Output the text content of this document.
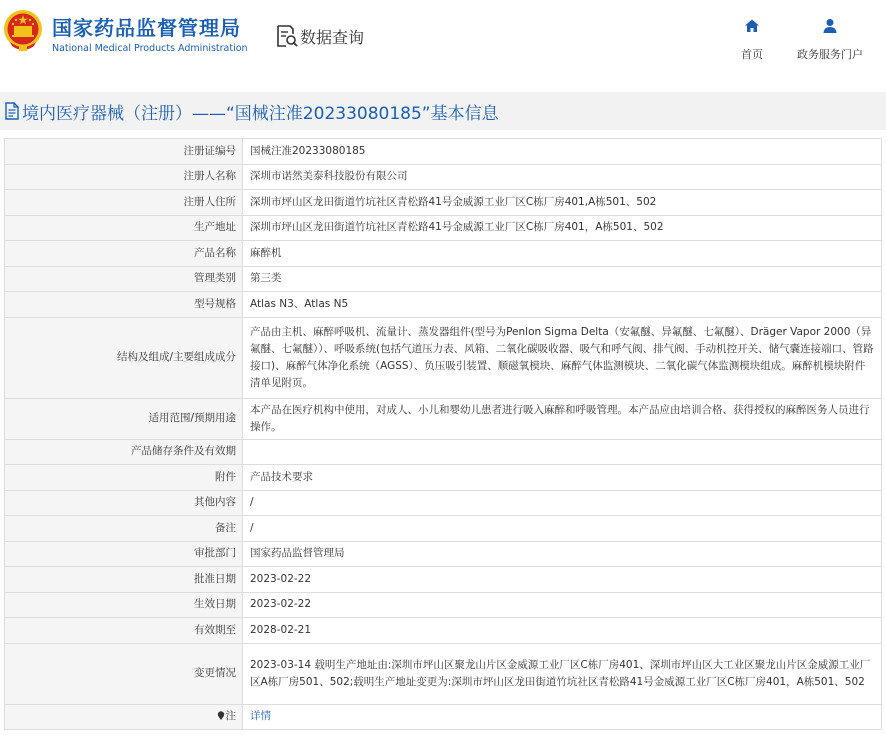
国家药品监督管理局
National Medical Products Administration
数据查询
首页	政务服务门户
境内医疗器械（注册）——“国械注准20233080185”基本信息
注册证编号	国械注准20233080185
注册人名称	深圳市诺然美泰科技股份有限公司
注册人住所	深圳市坪山区龙田街道竹坑社区青松路41号金威源工业厂区C栋厂房401,A栋501、502
生产地址	深圳市坪山区龙田街道竹坑社区青松路41号金威源工业厂区C栋厂房401，A栋501、502
产品名称	麻醉机
管理类别	第三类
型号规格	Atlas N3、Atlas N5
结构及组成/主要组成成分	产品由主机、麻醉呼吸机、流量计、蒸发器组件(型号为Penlon Sigma Delta（安氟醚、异氟醚、七氟醚）、Dräger Vapor 2000（异氟醚、七氟醚））、呼吸系统(包括气道压力表、风箱、二氧化碳吸收器、吸气和呼气阀、排气阀、手动机控开关、储气囊连接端口、管路接口)、麻醉气体净化系统（AGSS）、负压吸引装置、顺磁氧模块、麻醉气体监测模块、二氧化碳气体监测模块组成。麻醉机模块附件清单见附页。
适用范围/预期用途	本产品在医疗机构中使用，对成人、小儿和婴幼儿患者进行吸入麻醉和呼吸管理。本产品应由培训合格、获得授权的麻醉医务人员进行操作。
产品储存条件及有效期	
附件	产品技术要求
其他内容	/
备注	/
审批部门	国家药品监督管理局
批准日期	2023-02-22
生效日期	2023-02-22
有效期至	2028-02-21
变更情况	2023-03-14 载明生产地址由:深圳市坪山区聚龙山片区金威源工业厂区C栋厂房401、深圳市坪山区大工业区聚龙山片区金威源工业厂区A栋厂房501、502;载明生产地址变更为:深圳市坪山区龙田街道竹坑社区青松路41号金威源工业厂区C栋厂房401，A栋501、502
注	详情
